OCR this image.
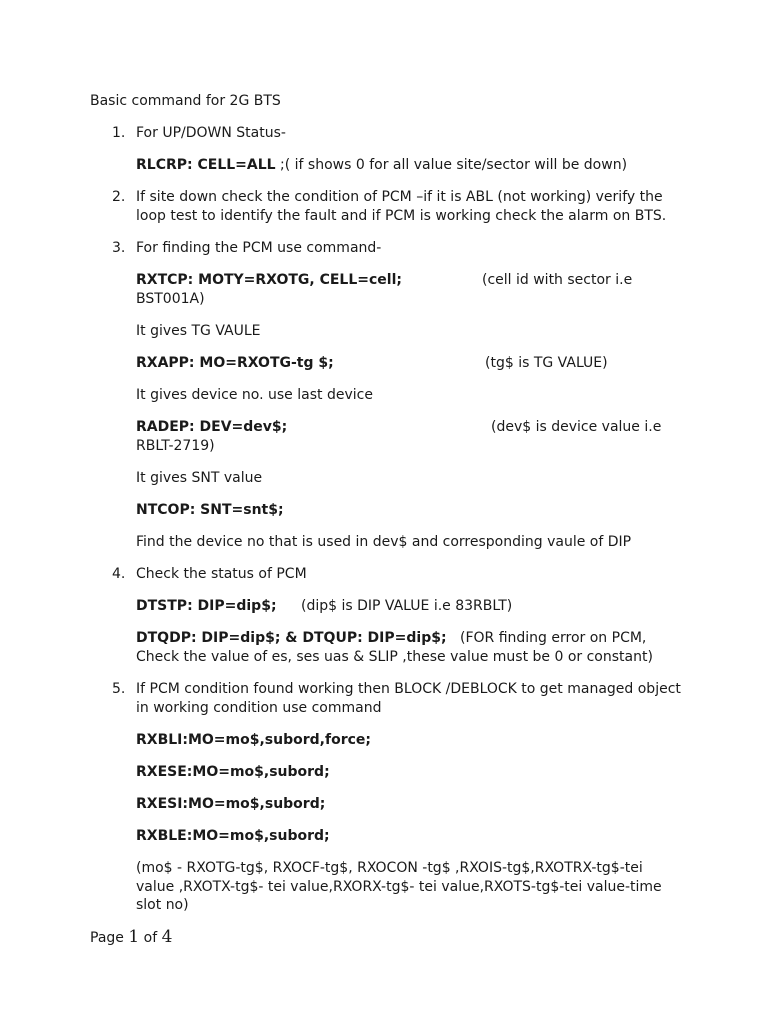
Basic command for 2G BTS
1. For UP/DOWN Status-
RLCRP: CELL=ALL ;( if shows 0 for all value site/sector will be down)
2. If site down check the condition of PCM –if it is ABL (not working) verify the
loop test to identify the fault and if PCM is working check the alarm on BTS.
3. For finding the PCM use command-
RXTCP: MOTY=RXOTG, CELL=cell;	(cell id with sector i.e
BST001A)
It gives TG VAULE
RXAPP: MO=RXOTG-tg $;	(tg$ is TG VALUE)
It gives device no. use last device
RADEP: DEV=dev$;	(dev$ is device value i.e
RBLT-2719)
It gives SNT value
NTCOP: SNT=snt$;
Find the device no that is used in dev$ and corresponding vaule of DIP
4. Check the status of PCM
DTSTP: DIP=dip$; (dip$ is DIP VALUE i.e 83RBLT)
DTQDP: DIP=dip$; & DTQUP: DIP=dip$; (FOR finding error on PCM,
Check the value of es, ses uas & SLIP ,these value must be 0 or constant)
5. If PCM condition found working then BLOCK /DEBLOCK to get managed object
in working condition use command
RXBLI:MO=mo$,subord,force;
RXESE:MO=mo$,subord;
RXESI:MO=mo$,subord;
RXBLE:MO=mo$,subord;
(mo$ - RXOTG-tg$, RXOCF-tg$, RXOCON -tg$ ,RXOIS-tg$,RXOTRX-tg$-tei
value ,RXOTX-tg$- tei value,RXORX-tg$- tei value,RXOTS-tg$-tei value-time
slot no)
Page 1 of 4
